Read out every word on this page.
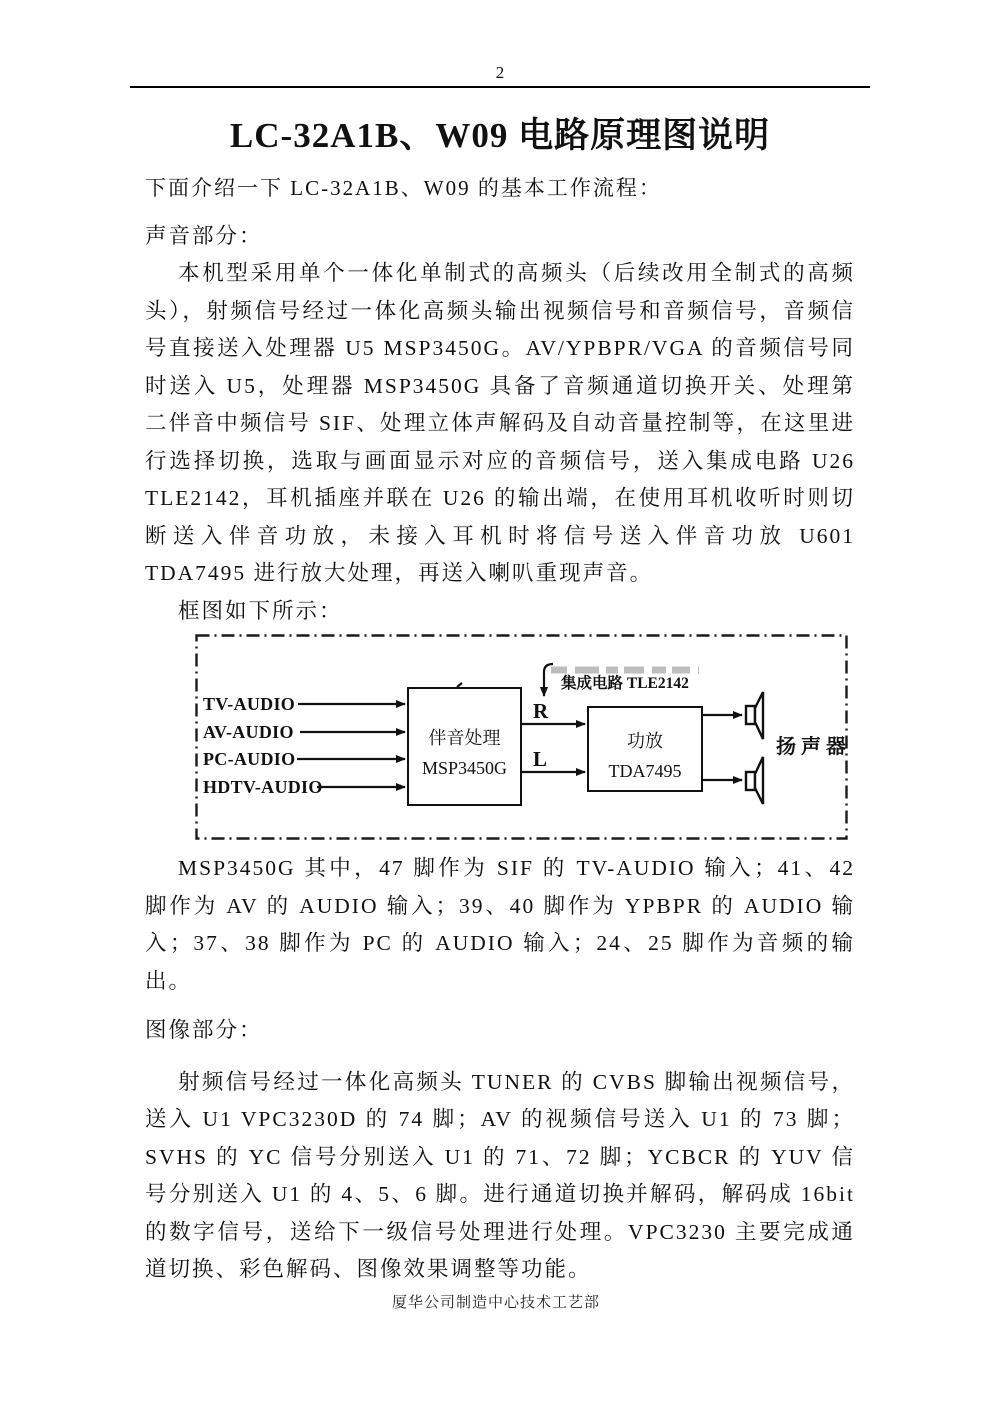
2
LC-32A1B、W09 电路原理图说明

下面介绍一下 LC-32A1B、W09 的基本工作流程：

声音部分：

本机型采用单个一体化单制式的高频头（后续改用全制式的高频头），射频信号经过一体化高频头输出视频信号和音频信号，音频信号直接送入处理器 U5 MSP3450G。AV/YPBPR/VGA 的音频信号同时送入 U5，处理器 MSP3450G 具备了音频通道切换开关、处理第二伴音中频信号 SIF、处理立体声解码及自动音量控制等，在这里进行选择切换，选取与画面显示对应的音频信号，送入集成电路 U26 TLE2142，耳机插座并联在 U26 的输出端，在使用耳机收听时则切断送入伴音功放，未接入耳机时将信号送入伴音功放 U601 TDA7495 进行放大处理，再送入喇叭重现声音。

框图如下所示：

TV-AUDIO
AV-AUDIO
PC-AUDIO
HDTV-AUDIO
伴音处理
MSP3450G
R
L
集成电路 TLE2142
功放
TDA7495
扬声器

MSP3450G 其中，47 脚作为 SIF 的 TV-AUDIO 输入；41、42 脚作为 AV 的 AUDIO 输入；39、40 脚作为 YPBPR 的 AUDIO 输入；37、38 脚作为 PC 的 AUDIO 输入；24、25 脚作为音频的输出。

图像部分：

射频信号经过一体化高频头 TUNER 的 CVBS 脚输出视频信号，送入 U1 VPC3230D 的 74 脚；AV 的视频信号送入 U1 的 73 脚；SVHS 的 YC 信号分别送入 U1 的 71、72 脚；YCBCR 的 YUV 信号分别送入 U1 的 4、5、6 脚。进行通道切换并解码，解码成 16bit 的数字信号，送给下一级信号处理进行处理。VPC3230 主要完成通道切换、彩色解码、图像效果调整等功能。

厦华公司制造中心技术工艺部
